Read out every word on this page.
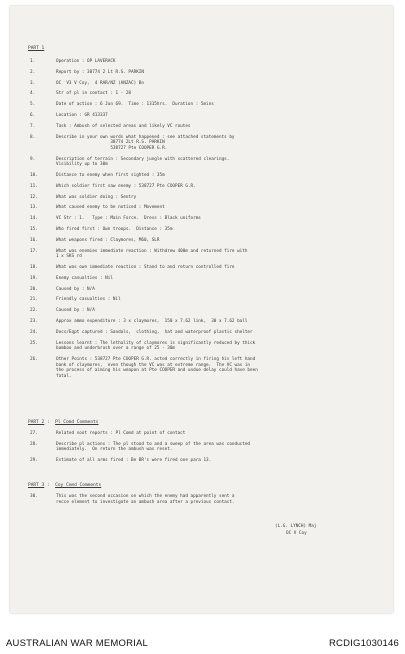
PART 1
1.	Operation : OP LAVERACK
2.	Report by : 38774 2 Lt R.S. PARKIN
3.	OC  V3 V Coy,  4 RAR/NZ (ANZAC) Bn
4.	Str of pl in contact : 1 - 28
5.	Date of action : 6 Jun 69.  Time : 1315hrs.  Duration : 5mins
6.	Location : GR 413337
7.	Task : Ambush of selected areas and likely VC routes
8.	Describe in your own words what happened : see attached statements by
38774 2Lt R.S. PARKIN
538727 Pte COOPER G.R.
9.	Description of terrain : Secondary jungle with scattered clearings.
Visibility up to 30m
10.	Distance to enemy when first sighted : 35m
11.	Which soldier first saw enemy : 538727 Pte COOPER G.R.
12.	What was soldier doing : Sentry
13.	What caused enemy to be noticed : Movement
14.	VC Str : 1.   Type : Main Force.  Dress : Black uniforms
15.	Who fired first : Own troops.  Distance : 35m
16.	What weapons fired : Claymores, M60, SLR
17.	What was enemies immediate reaction : Withdrew 400m and returned fire with
1 x SKS rd
18.	What was own immediate reaction : Stand to and return controlled fire
19.	Enemy casualties : Nil
20.	Caused by : N/A
21.	Friendly casualties : Nil
22.	Caused by : N/A
23.	Approx ammo expenditure : 3 x claymores,  150 x 7.62 link,  30 x 7.62 ball
24.	Docs/Eqpt captured : Sandals,  clothing,  hat and waterproof plastic shelter
25.	Lessons learnt : The lethality of claymores is significantly reduced by thick
bamboo and underbrush over a range of 25 - 30m
26.	Other Points : 538727 Pte COOPER G.R. acted correctly in firing his left hand
bank of claymores,  even though the VC was at extreme range.  The VC was in
the process of aiming his weapon at Pte COOPER and undue delay could have been
fatal.
PART 2 :  Pl Comd Comments
27.	Related soot reports : Pl Comd at point of contact
28.	Describe pl actions : The pl stood to and a sweep of the area was conducted
immediately.  On return the ambush was reset.
29.	Estimate of all arms fired : Be BR's were fired one para 13.
PART 3 :  Coy Comd Comments
30.	This was the second occasion on which the enemy had apparently sent a
recce element to investigate an ambush area after a previous contact.
(L.G. LYNCH) Maj
OC V Coy
AUSTRALIAN WAR MEMORIAL	RCDIG1030146
